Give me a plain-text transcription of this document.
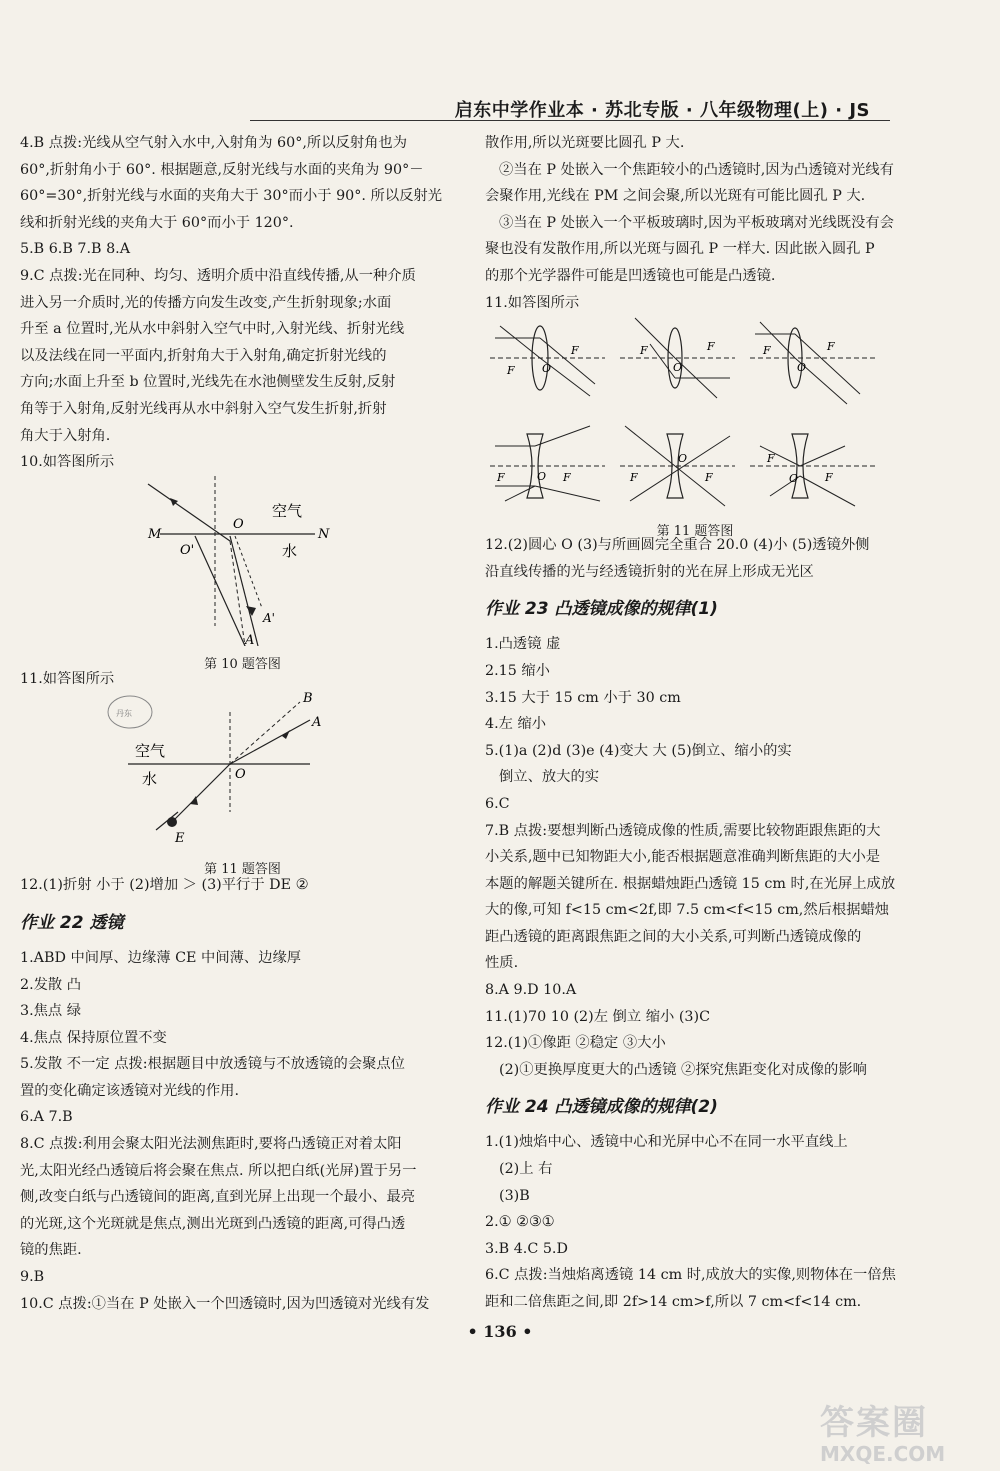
启东中学作业本 · 苏北专版 · 八年级物理(上) · JS

4.B 点拨:光线从空气射入水中,入射角为 60°,所以反射角也为

60°,折射角小于 60°. 根据题意,反射光线与水面的夹角为 90°－

60°=30°,折射光线与水面的夹角大于 30°而小于 90°. 所以反射光

线和折射光线的夹角大于 60°而小于 120°.

5.B 6.B 7.B 8.A

9.C 点拨:光在同种、均匀、透明介质中沿直线传播,从一种介质

进入另一介质时,光的传播方向发生改变,产生折射现象;水面

升至 a 位置时,光从水中斜射入空气中时,入射光线、折射光线

以及法线在同一平面内,折射角大于入射角,确定折射光线的

方向;水面上升至 b 位置时,光线先在水池侧壁发生反射,反射

角等于入射角,反射光线再从水中斜射入空气发生折射,折射

角大于入射角.

10.如答图所示

M	N
O
O'
空气
水
A'
A
第 10 题答图

11.如答图所示

丹东
B
A
O
E
空气
水
第 11 题答图

12.(1)折射 小于 (2)增加 ＞ (3)平行于 DE ②

作业 22 透镜

1.ABD 中间厚、边缘薄 CE 中间薄、边缘厚

2.发散 凸

3.焦点 绿

4.焦点 保持原位置不变

5.发散 不一定 点拨:根据题目中放透镜与不放透镜的会聚点位

置的变化确定该透镜对光线的作用.

6.A 7.B

8.C 点拨:利用会聚太阳光法测焦距时,要将凸透镜正对着太阳

光,太阳光经凸透镜后将会聚在焦点. 所以把白纸(光屏)置于另一

侧,改变白纸与凸透镜间的距离,直到光屏上出现一个最小、最亮

的光斑,这个光斑就是焦点,测出光斑到凸透镜的距离,可得凸透

镜的焦距.

9.B

10.C 点拨:①当在 P 处嵌入一个凹透镜时,因为凹透镜对光线有发

散作用,所以光斑要比圆孔 P 大.

②当在 P 处嵌入一个焦距较小的凸透镜时,因为凸透镜对光线有

会聚作用,光线在 PM 之间会聚,所以光斑有可能比圆孔 P 大.

③当在 P 处嵌入一个平板玻璃时,因为平板玻璃对光线既没有会

聚也没有发散作用,所以光斑与圆孔 P 一样大. 因此嵌入圆孔 P

的那个光学器件可能是凹透镜也可能是凸透镜.

11.如答图所示

F
F O
F
F
O
F
F
O
F	F
O	F	F
O	F
F
O
第 11 题答图

12.(2)圆心 O (3)与所画圆完全重合 20.0 (4)小 (5)透镜外侧

沿直线传播的光与经透镜折射的光在屏上形成无光区

作业 23 凸透镜成像的规律(1)

1.凸透镜 虚

2.15 缩小

3.15 大于 15 cm 小于 30 cm

4.左 缩小

5.(1)a (2)d (3)e (4)变大 大 (5)倒立、缩小的实

倒立、放大的实

6.C

7.B 点拨:要想判断凸透镜成像的性质,需要比较物距跟焦距的大

小关系,题中已知物距大小,能否根据题意准确判断焦距的大小是

本题的解题关键所在. 根据蜡烛距凸透镜 15 cm 时,在光屏上成放

大的像,可知 f<15 cm<2f,即 7.5 cm<f<15 cm,然后根据蜡烛

距凸透镜的距离跟焦距之间的大小关系,可判断凸透镜成像的

性质.

8.A 9.D 10.A

11.(1)70 10 (2)左 倒立 缩小 (3)C

12.(1)①像距 ②稳定 ③大小

(2)①更换厚度更大的凸透镜 ②探究焦距变化对成像的影响

作业 24 凸透镜成像的规律(2)

1.(1)烛焰中心、透镜中心和光屏中心不在同一水平直线上

(2)上 右

(3)B

2.① ②③①

3.B 4.C 5.D

6.C 点拨:当烛焰离透镜 14 cm 时,成放大的实像,则物体在一倍焦

距和二倍焦距之间,即 2f>14 cm>f,所以 7 cm<f<14 cm.

• 136 •
答案圈
MXQE.COM
